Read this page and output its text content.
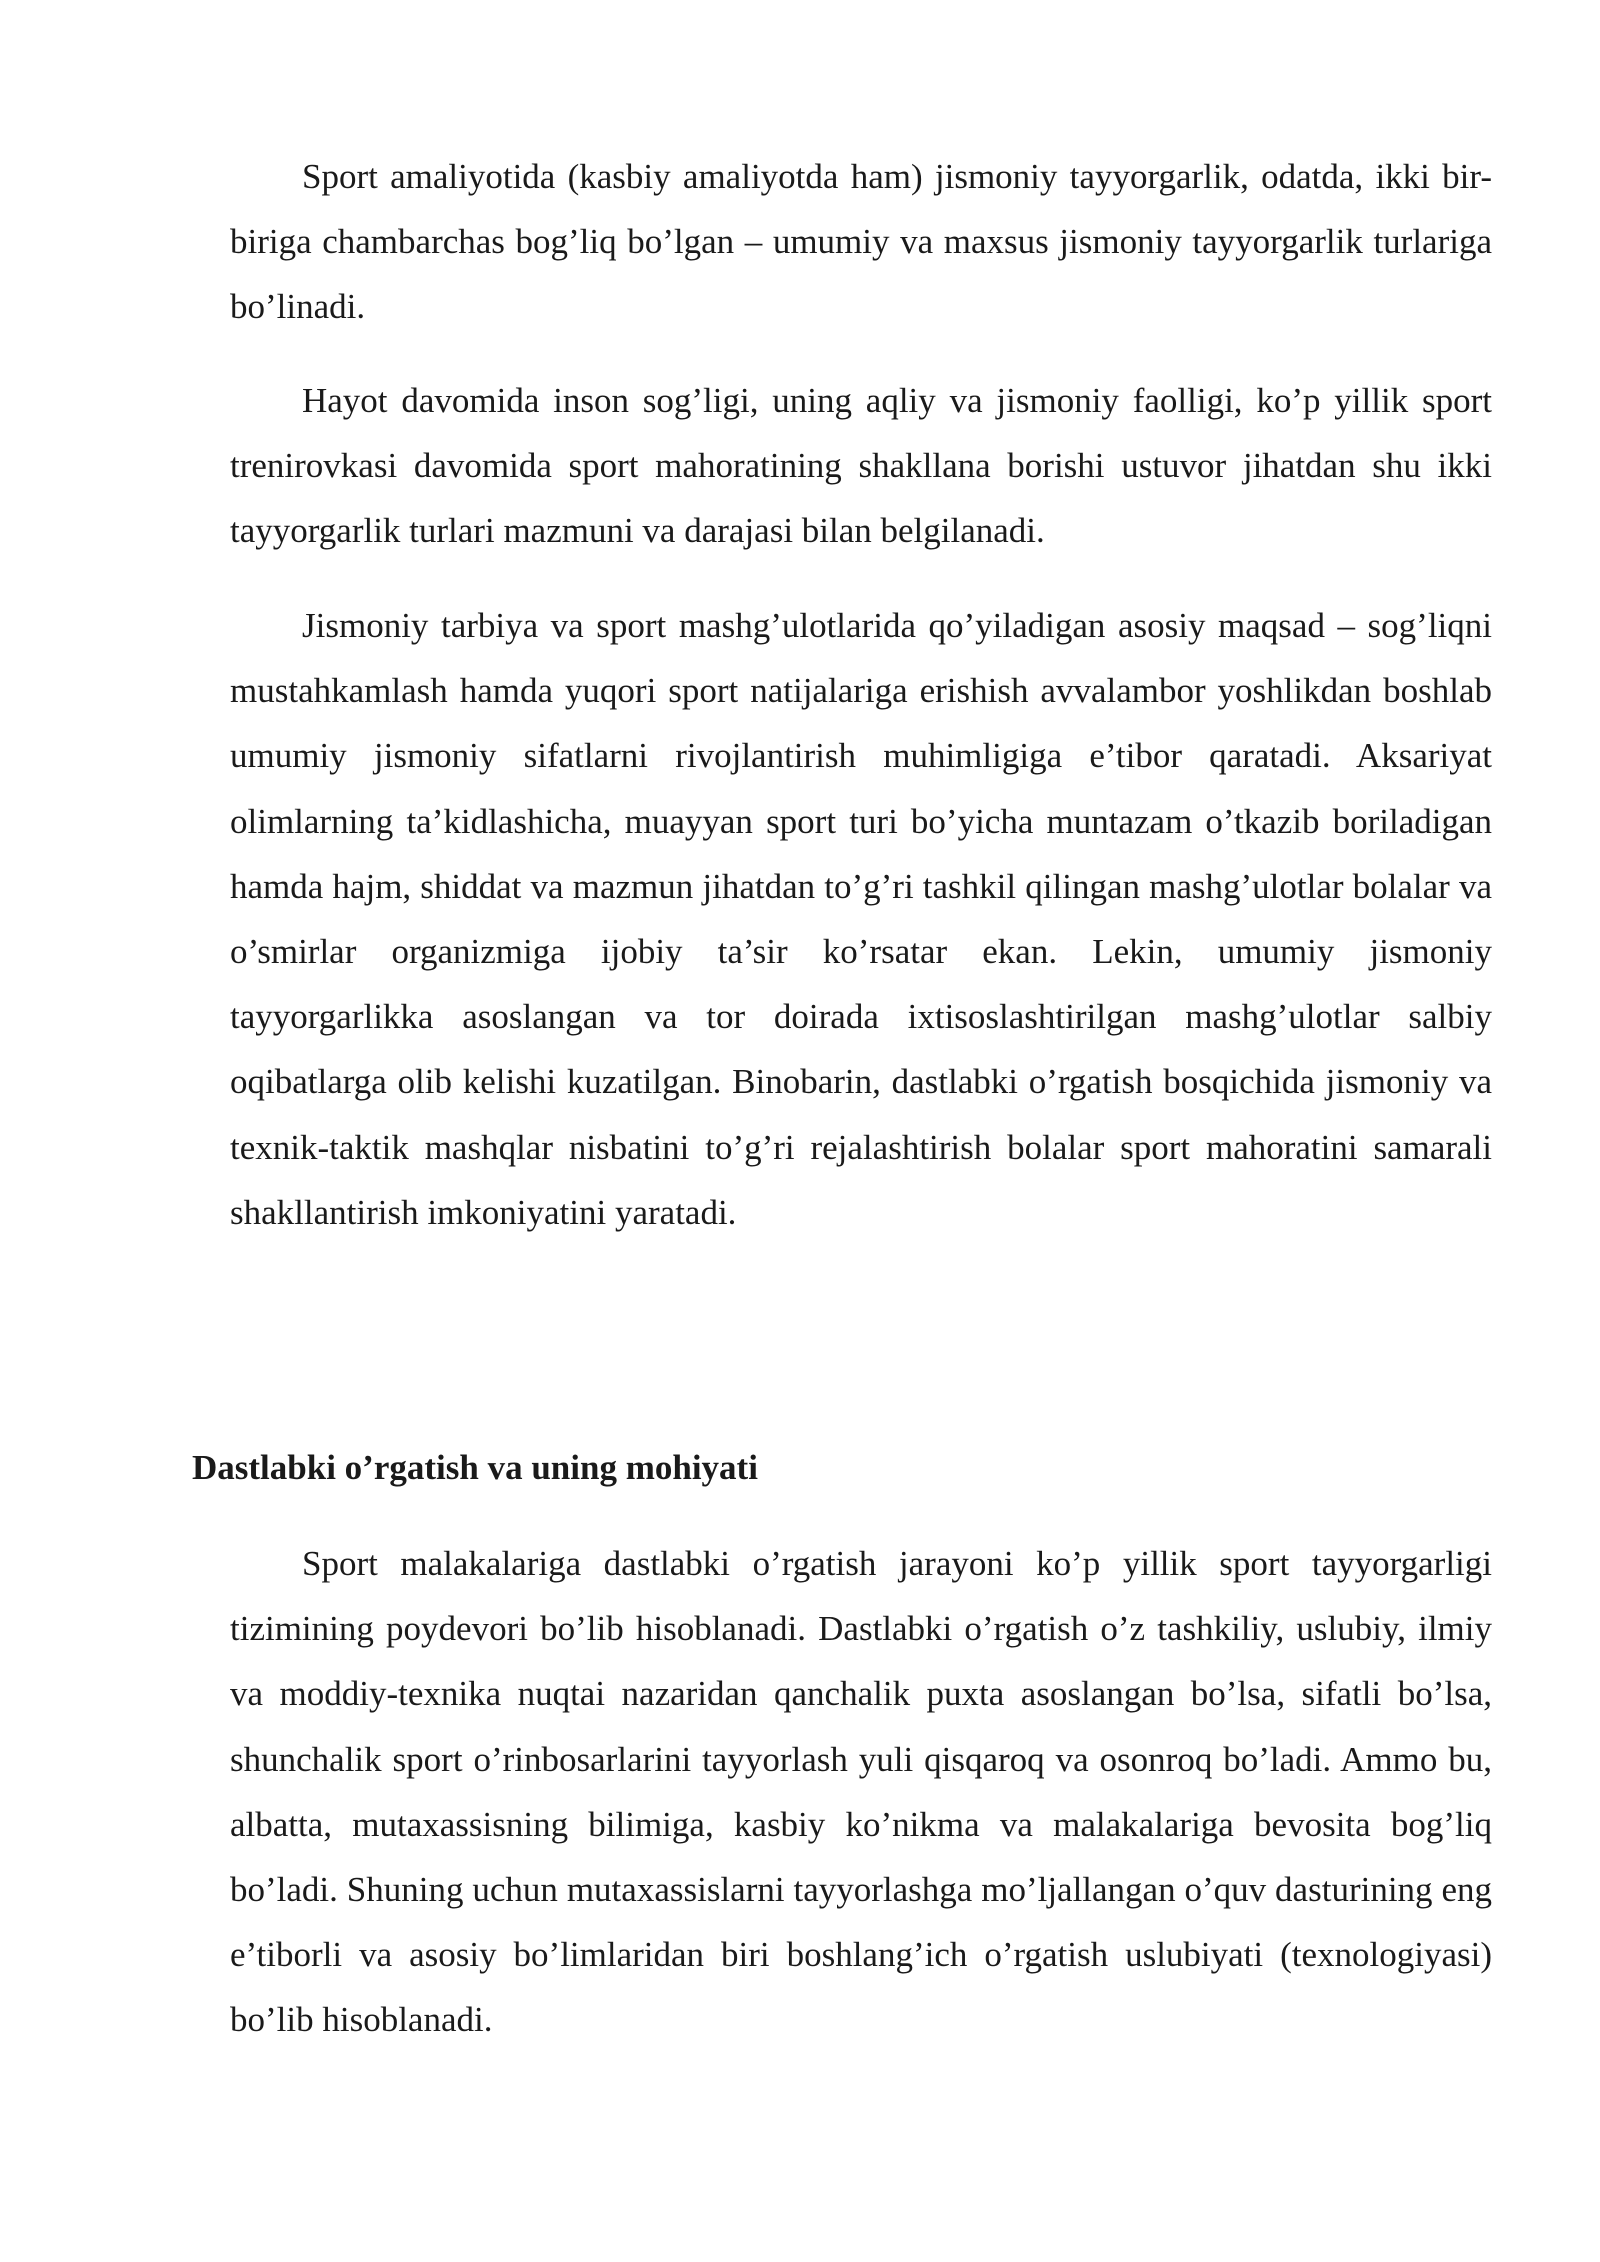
Sport amaliyotida (kasbiy amaliyotda ham) jismoniy tayyorgarlik, odatda, ikki bir-biriga chambarchas bog’liq bo’lgan – umumiy va maxsus jismoniy tayyorgarlik turlariga bo’linadi.

Hayot davomida inson sog’ligi, uning aqliy va jismoniy faolligi, ko’p yillik sport trenirovkasi davomida sport mahoratining shakllana borishi ustuvor jihatdan shu ikki tayyorgarlik turlari mazmuni va darajasi bilan belgilanadi.

Jismoniy tarbiya va sport mashg’ulotlarida qo’yiladigan asosiy maqsad – sog’liqni mustahkamlash hamda yuqori sport natijalariga erishish avvalambor yoshlikdan boshlab umumiy jismoniy sifatlarni rivojlantirish muhimligiga e’tibor qaratadi. Aksariyat olimlarning ta’kidlashicha, muayyan sport turi bo’yicha muntazam o’tkazib boriladigan hamda hajm, shiddat va mazmun jihatdan to’g’ri tashkil qilingan mashg’ulotlar bolalar va o’smirlar organizmiga ijobiy ta’sir ko’rsatar ekan. Lekin, umumiy jismoniy tayyorgarlikka asoslangan va tor doirada ixtisoslashtirilgan mashg’ulotlar salbiy oqibatlarga olib kelishi kuzatilgan. Binobarin, dastlabki o’rgatish bosqichida jismoniy va texnik-taktik mashqlar nisbatini to’g’ri rejalashtirish bolalar sport mahoratini samarali shakllantirish imkoniyatini yaratadi.

Dastlabki o’rgatish va uning mohiyati

Sport malakalariga dastlabki o’rgatish jarayoni ko’p yillik sport tayyorgarligi tizimining poydevori bo’lib hisoblanadi. Dastlabki o’rgatish o’z tashkiliy, uslubiy, ilmiy va moddiy-texnika nuqtai nazaridan qanchalik puxta asoslangan bo’lsa, sifatli bo’lsa, shunchalik sport o’rinbosarlarini tayyorlash yuli qisqaroq va osonroq bo’ladi. Ammo bu, albatta, mutaxassisning bilimiga, kasbiy ko’nikma va malakalariga bevosita bog’liq bo’ladi. Shuning uchun mutaxassislarni tayyorlashga mo’ljallangan o’quv dasturining eng e’tiborli va asosiy bo’limlaridan biri boshlang’ich o’rgatish uslubiyati (texnologiyasi) bo’lib hisoblanadi.
